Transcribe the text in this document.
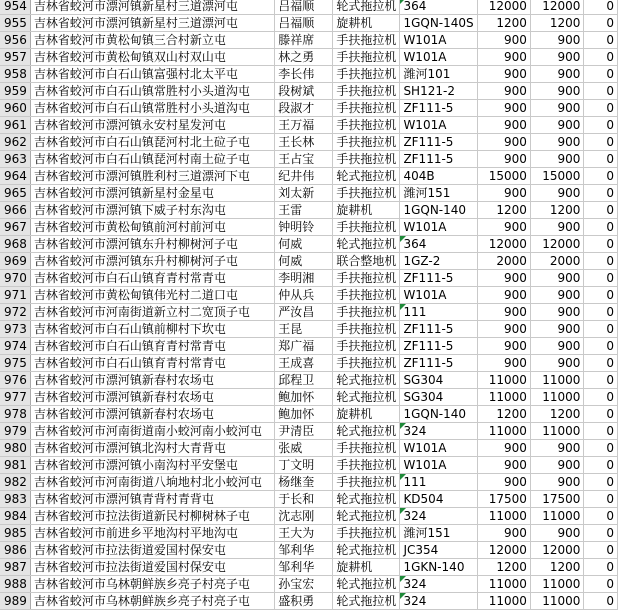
954	吉林省蛟河市漂河镇新星村三道漂河屯	吕福顺	轮式拖拉机	364	12000	12000	0
955	吉林省蛟河市漂河镇新星村三道漂河屯	吕福顺	旋耕机	1GQN-140S	1200	1200	0
956	吉林省蛟河市黄松甸镇三合村新立屯	滕祥席	手扶拖拉机	W101A	900	900	0
957	吉林省蛟河市黄松甸镇双山村双山屯	林之勇	手扶拖拉机	W101A	900	900	0
958	吉林省蛟河市白石山镇富强村北太平屯	李长伟	手扶拖拉机	潍河101	900	900	0
959	吉林省蛟河市白石山镇常胜村小头道沟屯	段树斌	手扶拖拉机	SH121-2	900	900	0
960	吉林省蛟河市白石山镇常胜村小头道沟屯	段淑才	手扶拖拉机	ZF111-5	900	900	0
961	吉林省蛟河市漂河镇永安村星发河屯	王万福	手扶拖拉机	W101A	900	900	0
962	吉林省蛟河市白石山镇琵河村北土砬子屯	王长林	手扶拖拉机	ZF111-5	900	900	0
963	吉林省蛟河市白石山镇琵河村南土砬子屯	王占宝	手扶拖拉机	ZF111-5	900	900	0
964	吉林省蛟河市漂河镇胜利村三道漂河下屯	纪井伟	轮式拖拉机	404B	15000	15000	0
965	吉林省蛟河市漂河镇新星村金星屯	刘太新	手扶拖拉机	潍河151	900	900	0
966	吉林省蛟河市漂河镇下威子村东沟屯	王雷	旋耕机	1GQN-140	1200	1200	0
967	吉林省蛟河市黄松甸镇前河村前河屯	钟明铃	手扶拖拉机	W101A	900	900	0
968	吉林省蛟河市漂河镇东升村柳树河子屯	何威	轮式拖拉机	364	12000	12000	0
969	吉林省蛟河市漂河镇东升村柳树河子屯	何威	联合整地机	1GZ-2	2000	2000	0
970	吉林省蛟河市白石山镇育青村常青屯	李明湘	手扶拖拉机	ZF111-5	900	900	0
971	吉林省蛟河市黄松甸镇伟光村二道口屯	仲从兵	手扶拖拉机	W101A	900	900	0
972	吉林省蛟河市河南街道新立村二宽顶子屯	严汝昌	手扶拖拉机	111	900	900	0
973	吉林省蛟河市白石山镇前柳村下坎屯	王昆	手扶拖拉机	ZF111-5	900	900	0
974	吉林省蛟河市白石山镇育青村常青屯	郑广福	手扶拖拉机	ZF111-5	900	900	0
975	吉林省蛟河市白石山镇育青村常青屯	王成喜	手扶拖拉机	ZF111-5	900	900	0
976	吉林省蛟河市漂河镇新春村农场屯	邱程卫	轮式拖拉机	SG304	11000	11000	0
977	吉林省蛟河市漂河镇新春村农场屯	鲍加怀	轮式拖拉机	SG304	11000	11000	0
978	吉林省蛟河市漂河镇新春村农场屯	鲍加怀	旋耕机	1GQN-140	1200	1200	0
979	吉林省蛟河市河南街道南小蛟河南小蛟河屯	尹清臣	轮式拖拉机	324	11000	11000	0
980	吉林省蛟河市漂河镇北沟村大青背屯	张威	手扶拖拉机	W101A	900	900	0
981	吉林省蛟河市漂河镇小南沟村平安堡屯	丁文明	手扶拖拉机	W101A	900	900	0
982	吉林省蛟河市河南街道八垧地村北小蛟河屯	杨继奎	手扶拖拉机	111	900	900	0
983	吉林省蛟河市漂河镇青背村青背屯	于长和	轮式拖拉机	KD504	17500	17500	0
984	吉林省蛟河市拉法街道新民村柳树林子屯	沈志刚	轮式拖拉机	324	11000	11000	0
985	吉林省蛟河市前进乡平地沟村平地沟屯	王大为	手扶拖拉机	潍河151	900	900	0
986	吉林省蛟河市拉法街道爱国村保安屯	邹利华	轮式拖拉机	JC354	12000	12000	0
987	吉林省蛟河市拉法街道爱国村保安屯	邹利华	旋耕机	1GKN-140	1200	1200	0
988	吉林省蛟河市乌林朝鲜族乡亮子村亮子屯	孙宝宏	轮式拖拉机	324	11000	11000	0
989	吉林省蛟河市乌林朝鲜族乡亮子村亮子屯	盛积勇	轮式拖拉机	324	11000	11000	0
